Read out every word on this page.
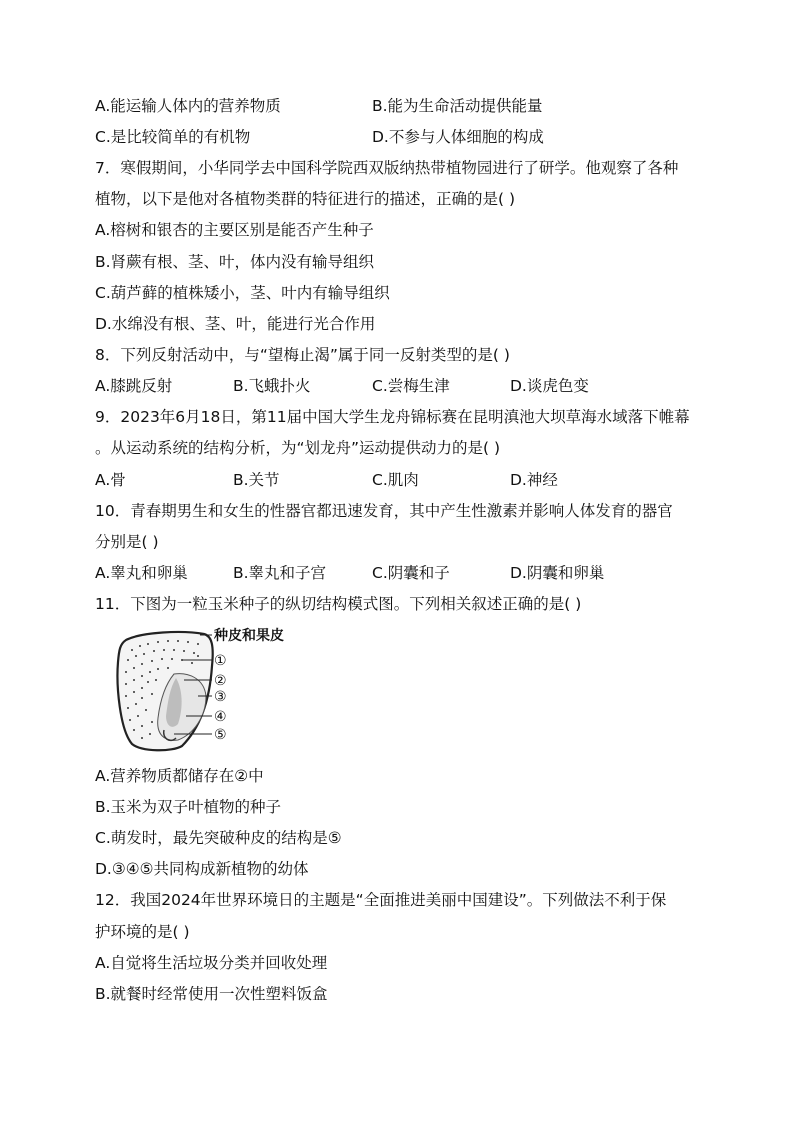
A.能运输人体内的营养物质	B.能为生命活动提供能量
C.是比较简单的有机物	D.不参与人体细胞的构成
7．寒假期间，小华同学去中国科学院西双版纳热带植物园进行了研学。他观察了各种
植物，以下是他对各植物类群的特征进行的描述，正确的是( )
A.榕树和银杏的主要区别是能否产生种子
B.肾蕨有根、茎、叶，体内没有输导组织
C.葫芦藓的植株矮小，茎、叶内有输导组织
D.水绵没有根、茎、叶，能进行光合作用
8．下列反射活动中，与“望梅止渴”属于同一反射类型的是( )
A.膝跳反射	B.飞蛾扑火	C.尝梅生津	D.谈虎色变
9．2023年6月18日，第11届中国大学生龙舟锦标赛在昆明滇池大坝草海水域落下帷幕
。从运动系统的结构分析，为“划龙舟”运动提供动力的是( )
A.骨	B.关节	C.肌肉	D.神经
10．青春期男生和女生的性器官都迅速发育，其中产生性激素并影响人体发育的器官
分别是( )
A.睾丸和卵巢	B.睾丸和子宫	C.阴囊和子	D.阴囊和卵巢
11．下图为一粒玉米种子的纵切结构模式图。下列相关叙述正确的是( )
种皮和果皮
①
②
③
④
⑤
A.营养物质都储存在②中
B.玉米为双子叶植物的种子
C.萌发时，最先突破种皮的结构是⑤
D.③④⑤共同构成新植物的幼体
12．我国2024年世界环境日的主题是“全面推进美丽中国建设”。下列做法不利于保
护环境的是( )
A.自觉将生活垃圾分类并回收处理
B.就餐时经常使用一次性塑料饭盒
